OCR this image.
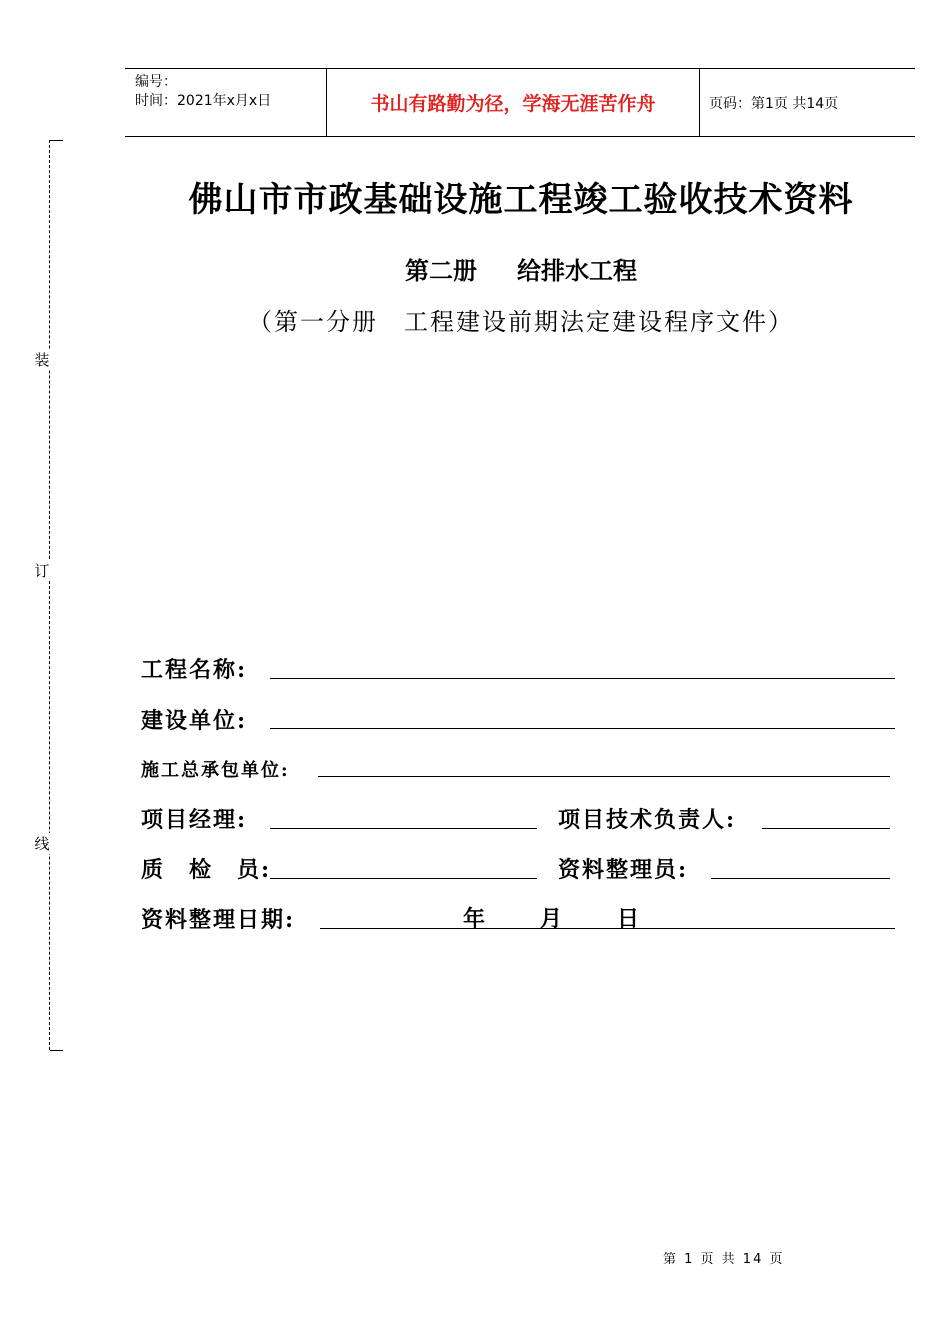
编号：
时间：2021年x月x日	书山有路勤为径，学海无涯苦作舟	页码：第1页 共14页
装
订
线
佛山市市政基础设施工程竣工验收技术资料
第二册 给排水工程
（第一分册　工程建设前期法定建设程序文件）
工程名称:
建设单位:
施工总承包单位:
项目经理:	项目技术负责人:
质　检　员:	资料整理员:
资料整理日期:	年 月 日
第 1 页 共 14 页
